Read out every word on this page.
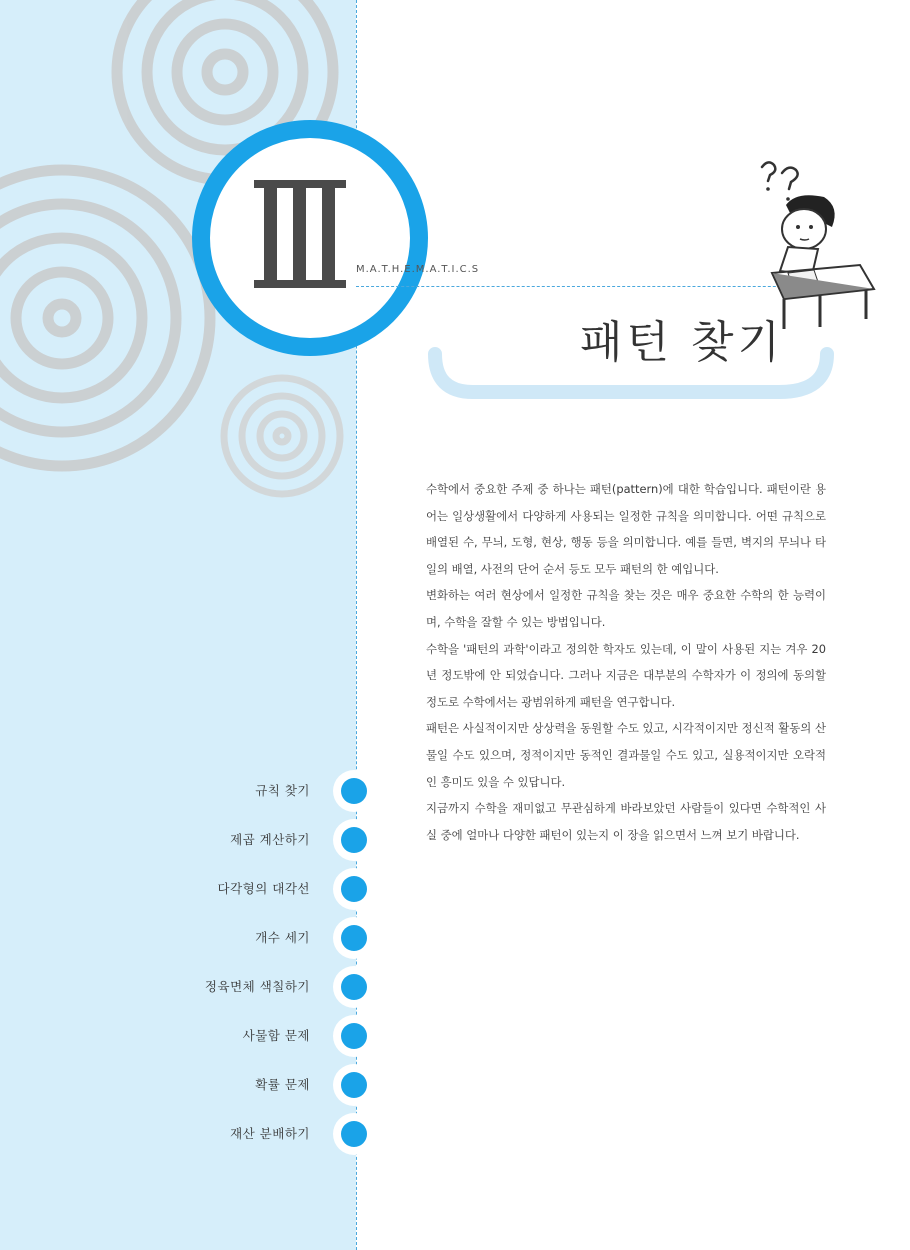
M.A.T.H.E.M.A.T.I.C.S
패턴 찾기

수학에서 중요한 주제 중 하나는 패턴(pattern)에 대한 학습입니다. 패턴이란 용어는 일상생활에서 다양하게 사용되는 일정한 규칙을 의미합니다. 어떤 규칙으로 배열된 수, 무늬, 도형, 현상, 행동 등을 의미합니다. 예를 들면, 벽지의 무늬나 타일의 배열, 사전의 단어 순서 등도 모두 패턴의 한 예입니다.

변화하는 여러 현상에서 일정한 규칙을 찾는 것은 매우 중요한 수학의 한 능력이며, 수학을 잘할 수 있는 방법입니다.

수학을 '패턴의 과학'이라고 정의한 학자도 있는데, 이 말이 사용된 지는 겨우 20년 정도밖에 안 되었습니다. 그러나 지금은 대부분의 수학자가 이 정의에 동의할 정도로 수학에서는 광범위하게 패턴을 연구합니다.

패턴은 사실적이지만 상상력을 동원할 수도 있고, 시각적이지만 정신적 활동의 산물일 수도 있으며, 정적이지만 동적인 결과물일 수도 있고, 실용적이지만 오락적인 흥미도 있을 수 있답니다.

지금까지 수학을 재미없고 무관심하게 바라보았던 사람들이 있다면 수학적인 사실 중에 얼마나 다양한 패턴이 있는지 이 장을 읽으면서 느껴 보기 바랍니다.

규칙 찾기
제곱 계산하기
다각형의 대각선
개수 세기
정육면체 색칠하기
사물함 문제
확률 문제
재산 분배하기
